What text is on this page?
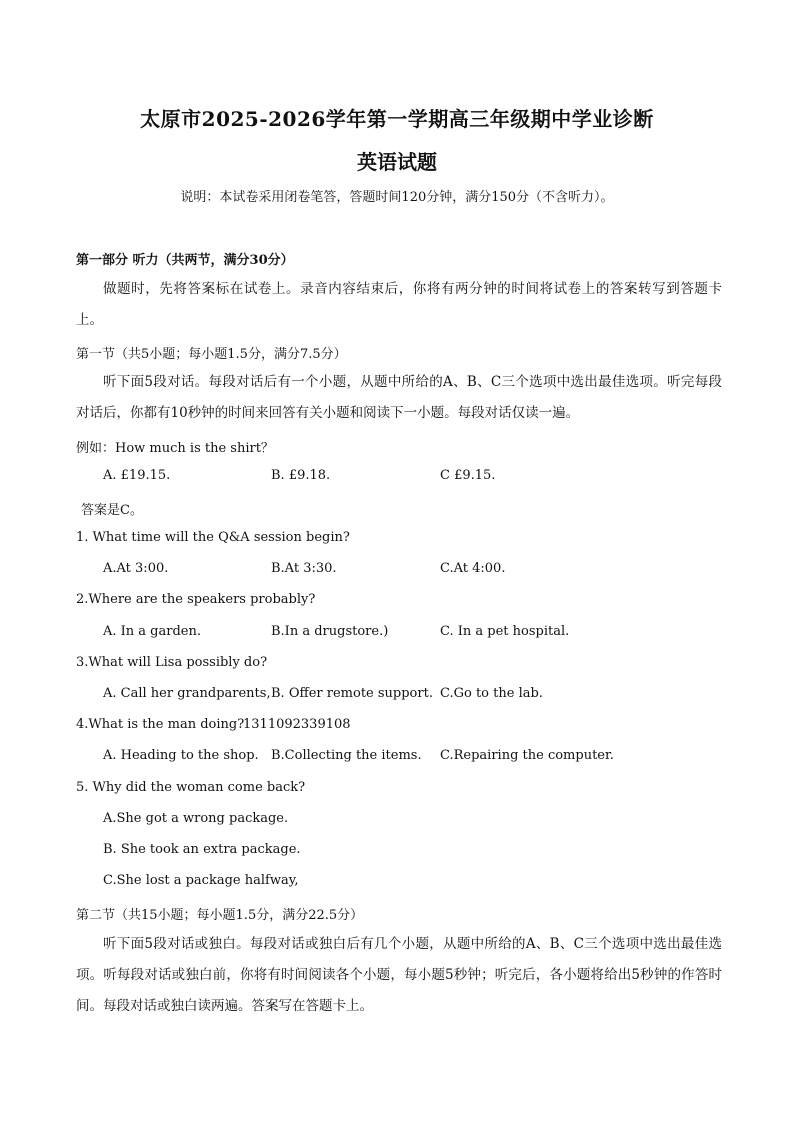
太原市2025-2026学年第一学期高三年级期中学业诊断
英语试题
说明：本试卷采用闭卷笔答，答题时间120分钟，满分150分（不含听力）。
第一部分 听力（共两节，满分30分）
做题时，先将答案标在试卷上。录音内容结束后，你将有两分钟的时间将试卷上的答案转写到答题卡上。
第一节（共5小题；每小题1.5分，满分7.5分）
听下面5段对话。每段对话后有一个小题，从题中所给的A、B、C三个选项中选出最佳选项。听完每段对话后，你都有10秒钟的时间来回答有关小题和阅读下一小题。每段对话仅读一遍。
例如：How much is the shirt？
A. £19.15.	B. £9.18.	C £9.15.
答案是C。
1. What time will the Q&A session begin?
A.At 3:00.	B.At 3:30.	C.At 4:00.
2.Where are the speakers probably?
A. In a garden.	B.In a drugstore.)	C. In a pet hospital.
3.What will Lisa possibly do?
A. Call her grandparents, B. Offer remote support. C.Go to the lab.
4.What is the man doing?
1311092339108
A. Heading to the shop. B.Collecting the items. C.Repairing the computer.
5. Why did the woman come back?
A.She got a wrong package.
B. She took an extra package.
C.She lost a package halfway,
第二节（共15小题；每小题1.5分，满分22.5分）
听下面5段对话或独白。每段对话或独白后有几个小题，从题中所给的A、B、C三个选项中选出最佳选项。听每段对话或独白前，你将有时间阅读各个小题，每小题5秒钟；听完后，各小题将给出5秒钟的作答时间。每段对话或独白读两遍。答案写在答题卡上。
